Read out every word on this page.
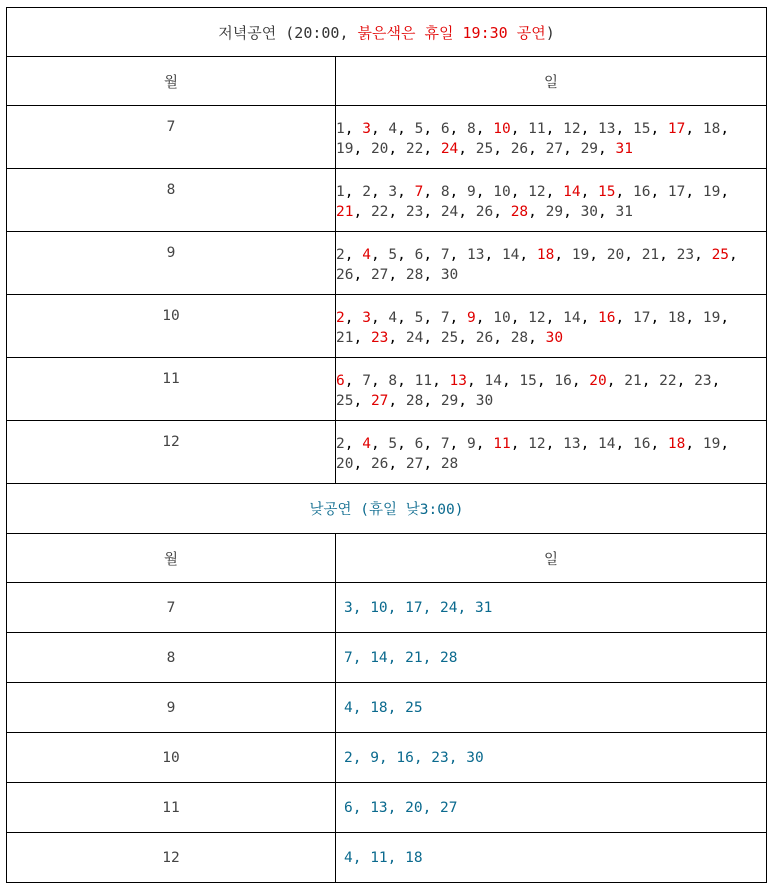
저녁공연 (20:00, 붉은색은 휴일 19:30 공연)	
월	일
7	1, 3, 4, 5, 6, 8, 10, 11, 12, 13, 15, 17, 18, 19, 20, 22, 24, 25, 26, 27, 29, 31
8	1, 2, 3, 7, 8, 9, 10, 12, 14, 15, 16, 17, 19, 21, 22, 23, 24, 26, 28, 29, 30, 31
9	2, 4, 5, 6, 7, 13, 14, 18, 19, 20, 21, 23, 25, 26, 27, 28, 30
10	2, 3, 4, 5, 7, 9, 10, 12, 14, 16, 17, 18, 19, 21, 23, 24, 25, 26, 28, 30
11	6, 7, 8, 11, 13, 14, 15, 16, 20, 21, 22, 23, 25, 27, 28, 29, 30
12	2, 4, 5, 6, 7, 9, 11, 12, 13, 14, 16, 18, 19, 20, 26, 27, 28
낮공연 (휴일 낮3:00)	
월	일
7	3, 10, 17, 24, 31
8	7, 14, 21, 28
9	4, 18, 25
10	2, 9, 16, 23, 30
11	6, 13, 20, 27
12	4, 11, 18
